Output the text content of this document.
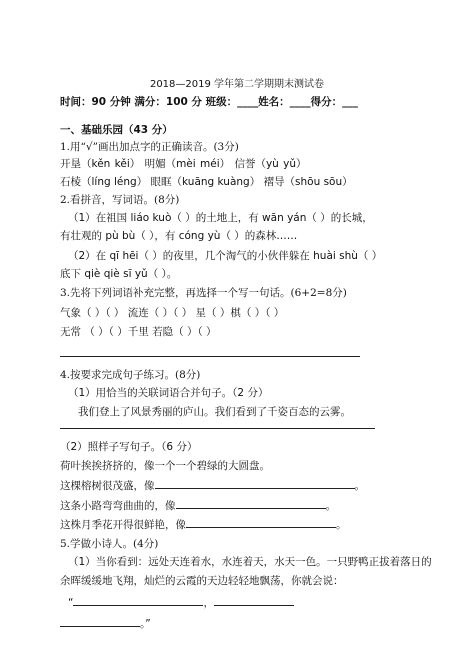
2018—2019 学年第二学期期末测试卷
时间：90 分钟 满分：100 分 班级：____姓名：____得分：___
一、基础乐园（43 分）
1.用“√”画出加点字的正确读音。(3分)
开垦（kěn kěi） 明媚（mèi méi） 信誉（yù yǔ）
石棱（líng léng） 眼眶（kuāng kuàng） 褶导（shōu sōu）
2.看拼音，写词语。(8分)
（1）在祖国 liáo kuò（ ）的土地上，有 wān yán（ ）的长城，
有壮观的 pù bù（ ），有 cóng yù（ ）的森林……
（2）在 qī hēi（ ）的夜里，几个淘气的小伙伴躲在 huài shù（ ）
底下 qiè qiè sī yǔ（ ）。
3.先将下列词语补充完整，再选择一个写一句话。(6+2=8分)
气象（ ）（ ） 流连（ ）（ ） 星（ ）棋（ ）（ ）
无常 （ ）（ ）千里 若隐（ ）（ ）
4.按要求完成句子练习。(8分)
（1）用恰当的关联词语合并句子。（2 分）
我们登上了风景秀丽的庐山。我们看到了千姿百态的云雾。
（2）照样子写句子。（6 分）
荷叶挨挨挤挤的，像一个一个碧绿的大圆盘。
这棵榕树很茂盛，像	。
这条小路弯弯曲曲的，像	。
这株月季花开得很鲜艳，像	。
5.学做小诗人。(4分)
（1）当你看到：远处天连着水，水连着天，水天一色。一只野鸭正拔着落日的
余晖缓缓地飞翔，灿烂的云霞的天边轻轻地飘荡，你就会说：
“	，
。”
